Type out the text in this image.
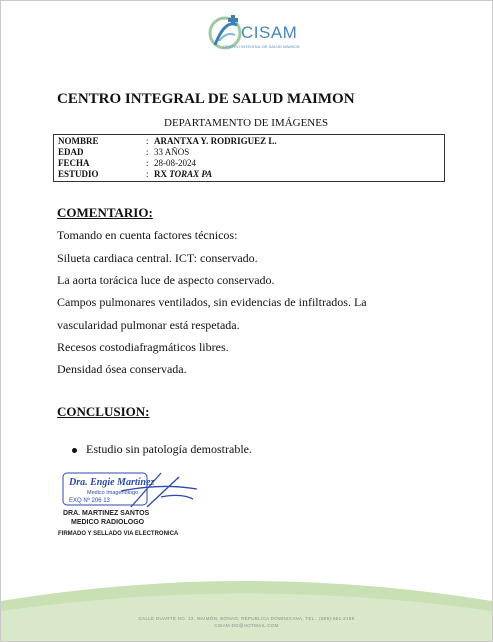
CISAM
CENTRO INTEGRAL DE SALUD MAIMON
CENTRO INTEGRAL DE SALUD MAIMON
DEPARTAMENTO DE IMÁGENES
NOMBRE	: ARANTXA Y. RODRIGUEZ L.
EDAD	: 33 AÑOS
FECHA	: 28-08-2024
ESTUDIO	: RX TORAX PA
COMENTARIO:
Tomando en cuenta factores técnicos:
Silueta cardiaca central. ICT: conservado.
La aorta torácica luce de aspecto conservado.
Campos pulmonares ventilados, sin evidencias de infiltrados. La
vascularidad pulmonar está respetada.
Recesos costodiafragmáticos libres.
Densidad ósea conservada.
CONCLUSION:
Estudio sin patología demostrable.
Dra. Engie Martínez
Medico Imagenólogo
EXQ Nº 206 13
DRA. MARTINEZ SANTOS
MEDICO RADIOLOGO
FIRMADO Y SELLADO VIA ELECTRONICA
CALLE DUARTE NO. 13, MAIMÓN, BONAO, REPUBLICA DOMINICANA, TEL.: (809)-551-2198
CISAM.DO@HOTMAIL.COM
